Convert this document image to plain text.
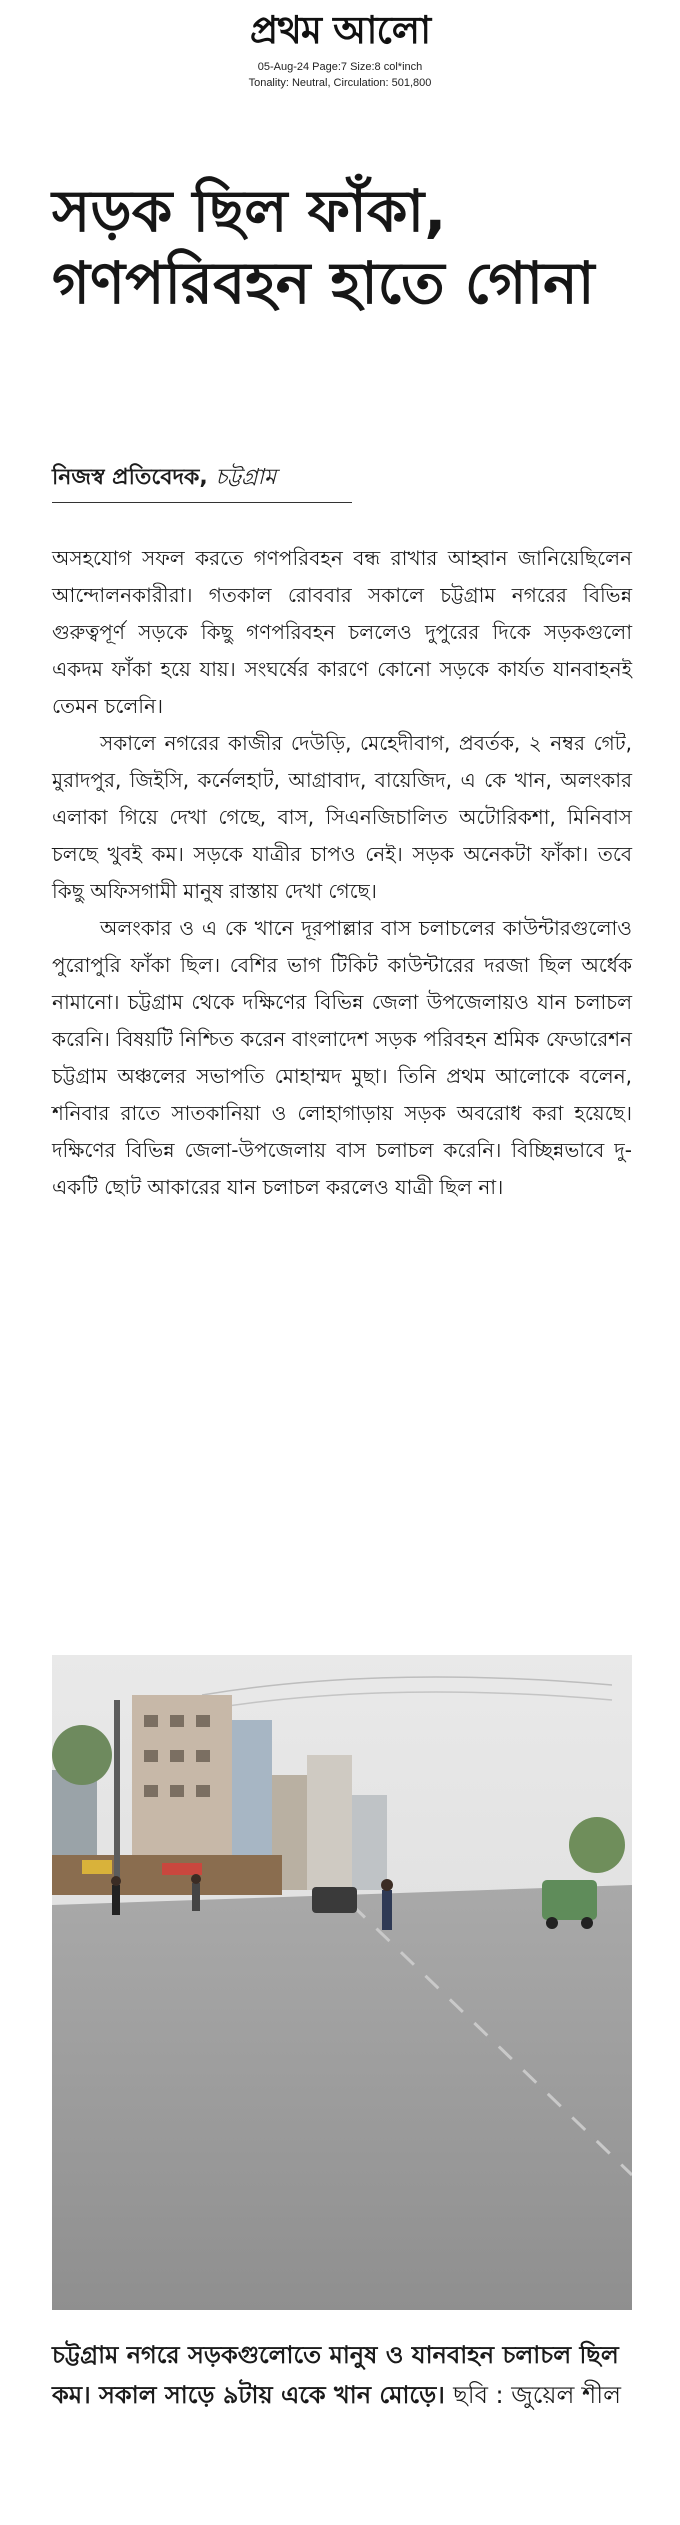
প্রথম আলো
05-Aug-24 Page:7 Size:8 col*inch
Tonality: Neutral, Circulation: 501,800
সড়ক ছিল ফাঁকা, গণপরিবহন হাতে গোনা
নিজস্ব প্রতিবেদক, চট্টগ্রাম

অসহযোগ সফল করতে গণপরিবহন বন্ধ রাখার আহ্বান জানিয়েছিলেন আন্দোলনকারীরা। গতকাল রোববার সকালে চট্টগ্রাম নগরের বিভিন্ন গুরুত্বপূর্ণ সড়কে কিছু গণপরিবহন চললেও দুপুরের দিকে সড়কগুলো একদম ফাঁকা হয়ে যায়। সংঘর্ষের কারণে কোনো সড়কে কার্যত যানবাহনই তেমন চলেনি।

সকালে নগরের কাজীর দেউড়ি, মেহেদীবাগ, প্রবর্তক, ২ নম্বর গেট, মুরাদপুর, জিইসি, কর্নেলহাট, আগ্রাবাদ, বায়েজিদ, এ কে খান, অলংকার এলাকা গিয়ে দেখা গেছে, বাস, সিএনজিচালিত অটোরিকশা, মিনিবাস চলছে খুবই কম। সড়কে যাত্রীর চাপও নেই। সড়ক অনেকটা ফাঁকা। তবে কিছু অফিসগামী মানুষ রাস্তায় দেখা গেছে।

অলংকার ও এ কে খানে দূরপাল্লার বাস চলাচলের কাউন্টারগুলোও পুরোপুরি ফাঁকা ছিল। বেশির ভাগ টিকিট কাউন্টারের দরজা ছিল অর্ধেক নামানো। চট্টগ্রাম থেকে দক্ষিণের বিভিন্ন জেলা উপজেলায়ও যান চলাচল করেনি। বিষয়টি নিশ্চিত করেন বাংলাদেশ সড়ক পরিবহন শ্রমিক ফেডারেশন চট্টগ্রাম অঞ্চলের সভাপতি মোহাম্মদ মুছা। তিনি প্রথম আলোকে বলেন, শনিবার রাতে সাতকানিয়া ও লোহাগাড়ায় সড়ক অবরোধ করা হয়েছে। দক্ষিণের বিভিন্ন জেলা-উপজেলায় বাস চলাচল করেনি। বিচ্ছিন্নভাবে দু-একটি ছোট আকারের যান চলাচল করলেও যাত্রী ছিল না।

চট্টগ্রাম নগরে সড়কগুলোতে মানুষ ও যানবাহন চলাচল ছিল কম। সকাল সাড়ে ৯টায় একে খান মোড়ে। ছবি : জুয়েল শীল
